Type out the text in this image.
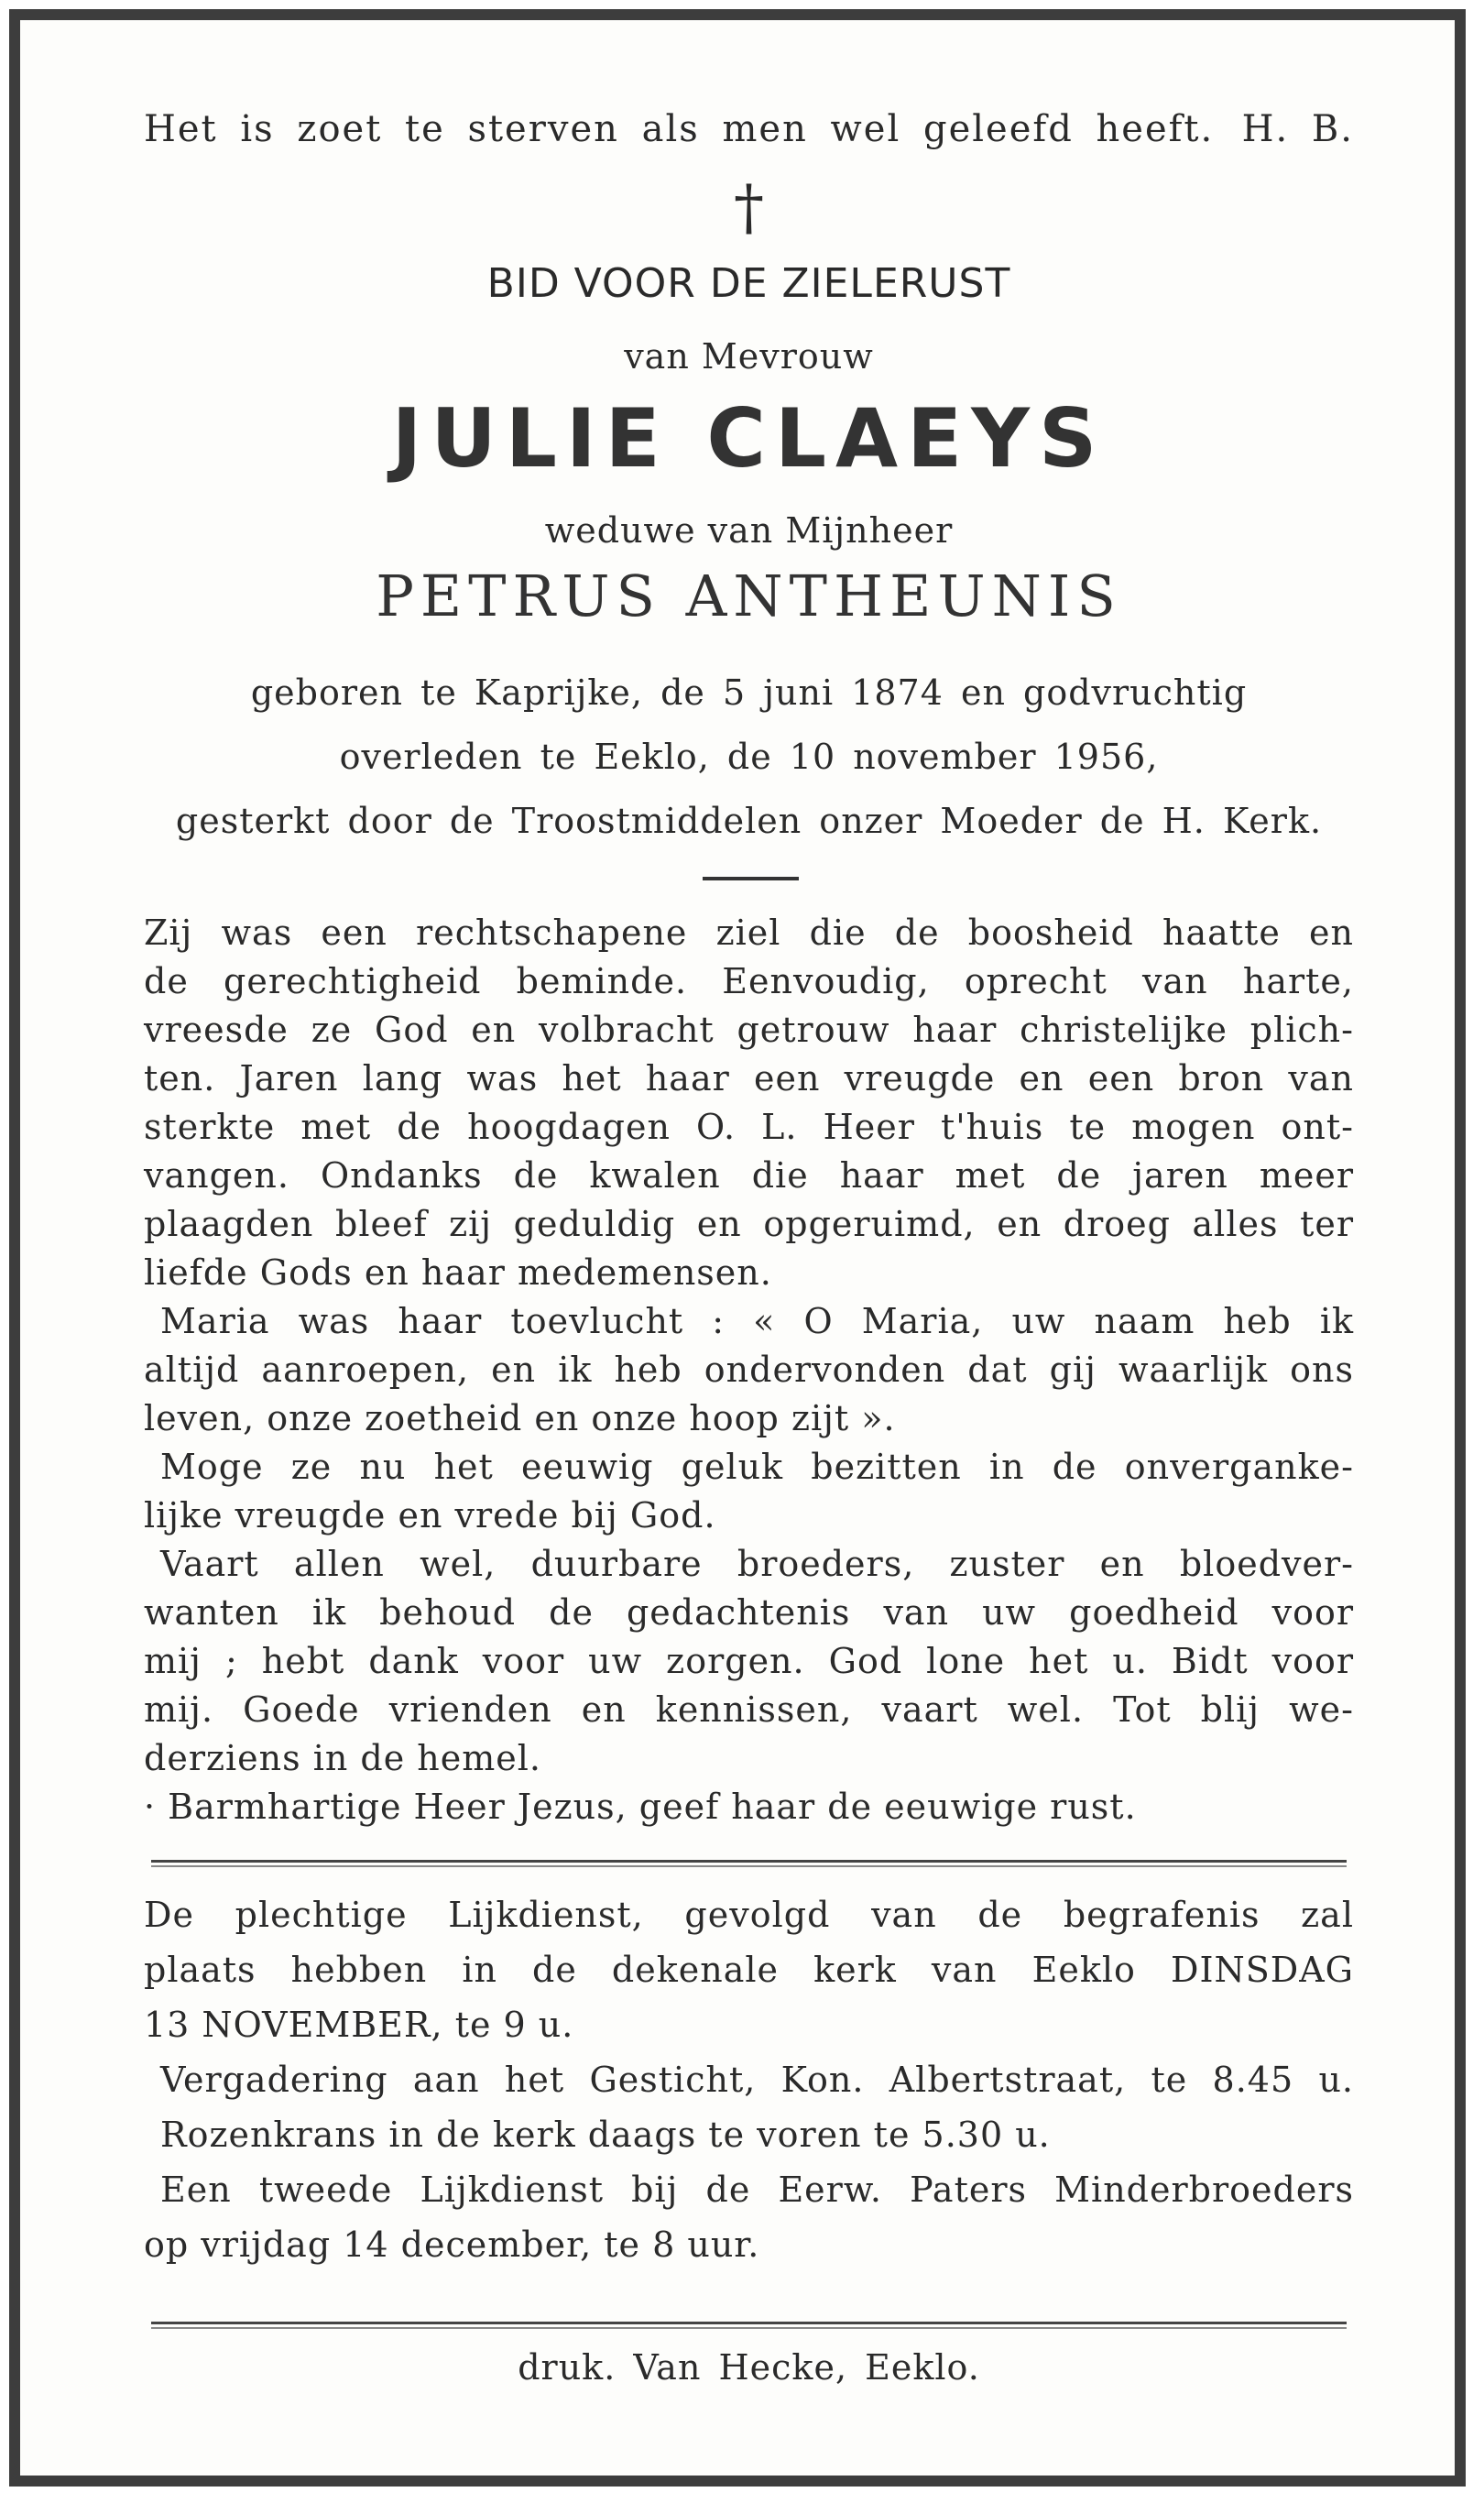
Het is zoet te sterven als men wel geleefd heeft. H. B.
†
BID VOOR DE ZIELERUST
van Mevrouw
JULIE CLAEYS
weduwe van Mijnheer
PETRUS ANTHEUNIS
geboren te Kaprijke, de 5 juni 1874 en godvruchtig
overleden te Eeklo, de 10 november 1956,
gesterkt door de Troostmiddelen onzer Moeder de H. Kerk.
Zij was een rechtschapene ziel die de boosheid haatte en
de gerechtigheid beminde. Eenvoudig, oprecht van harte,
vreesde ze God en volbracht getrouw haar christelijke plich-
ten. Jaren lang was het haar een vreugde en een bron van
sterkte met de hoogdagen O. L. Heer t'huis te mogen ont-
vangen. Ondanks de kwalen die haar met de jaren meer
plaagden bleef zij geduldig en opgeruimd, en droeg alles ter
liefde Gods en haar medemensen.
Maria was haar toevlucht : « O Maria, uw naam heb ik
altijd aanroepen, en ik heb ondervonden dat gij waarlijk ons
leven, onze zoetheid en onze hoop zijt ».
Moge ze nu het eeuwig geluk bezitten in de onverganke-
lijke vreugde en vrede bij God.
Vaart allen wel, duurbare broeders, zuster en bloedver-
wanten ik behoud de gedachtenis van uw goedheid voor
mij ; hebt dank voor uw zorgen. God lone het u. Bidt voor
mij. Goede vrienden en kennissen, vaart wel. Tot blij we-
derziens in de hemel.
· Barmhartige Heer Jezus, geef haar de eeuwige rust.
De plechtige Lijkdienst, gevolgd van de begrafenis zal
plaats hebben in de dekenale kerk van Eeklo DINSDAG
13 NOVEMBER, te 9 u.
Vergadering aan het Gesticht, Kon. Albertstraat, te 8.45 u.
Rozenkrans in de kerk daags te voren te 5.30 u.
Een tweede Lijkdienst bij de Eerw. Paters Minderbroeders
op vrijdag 14 december, te 8 uur.
druk. Van Hecke, Eeklo.
